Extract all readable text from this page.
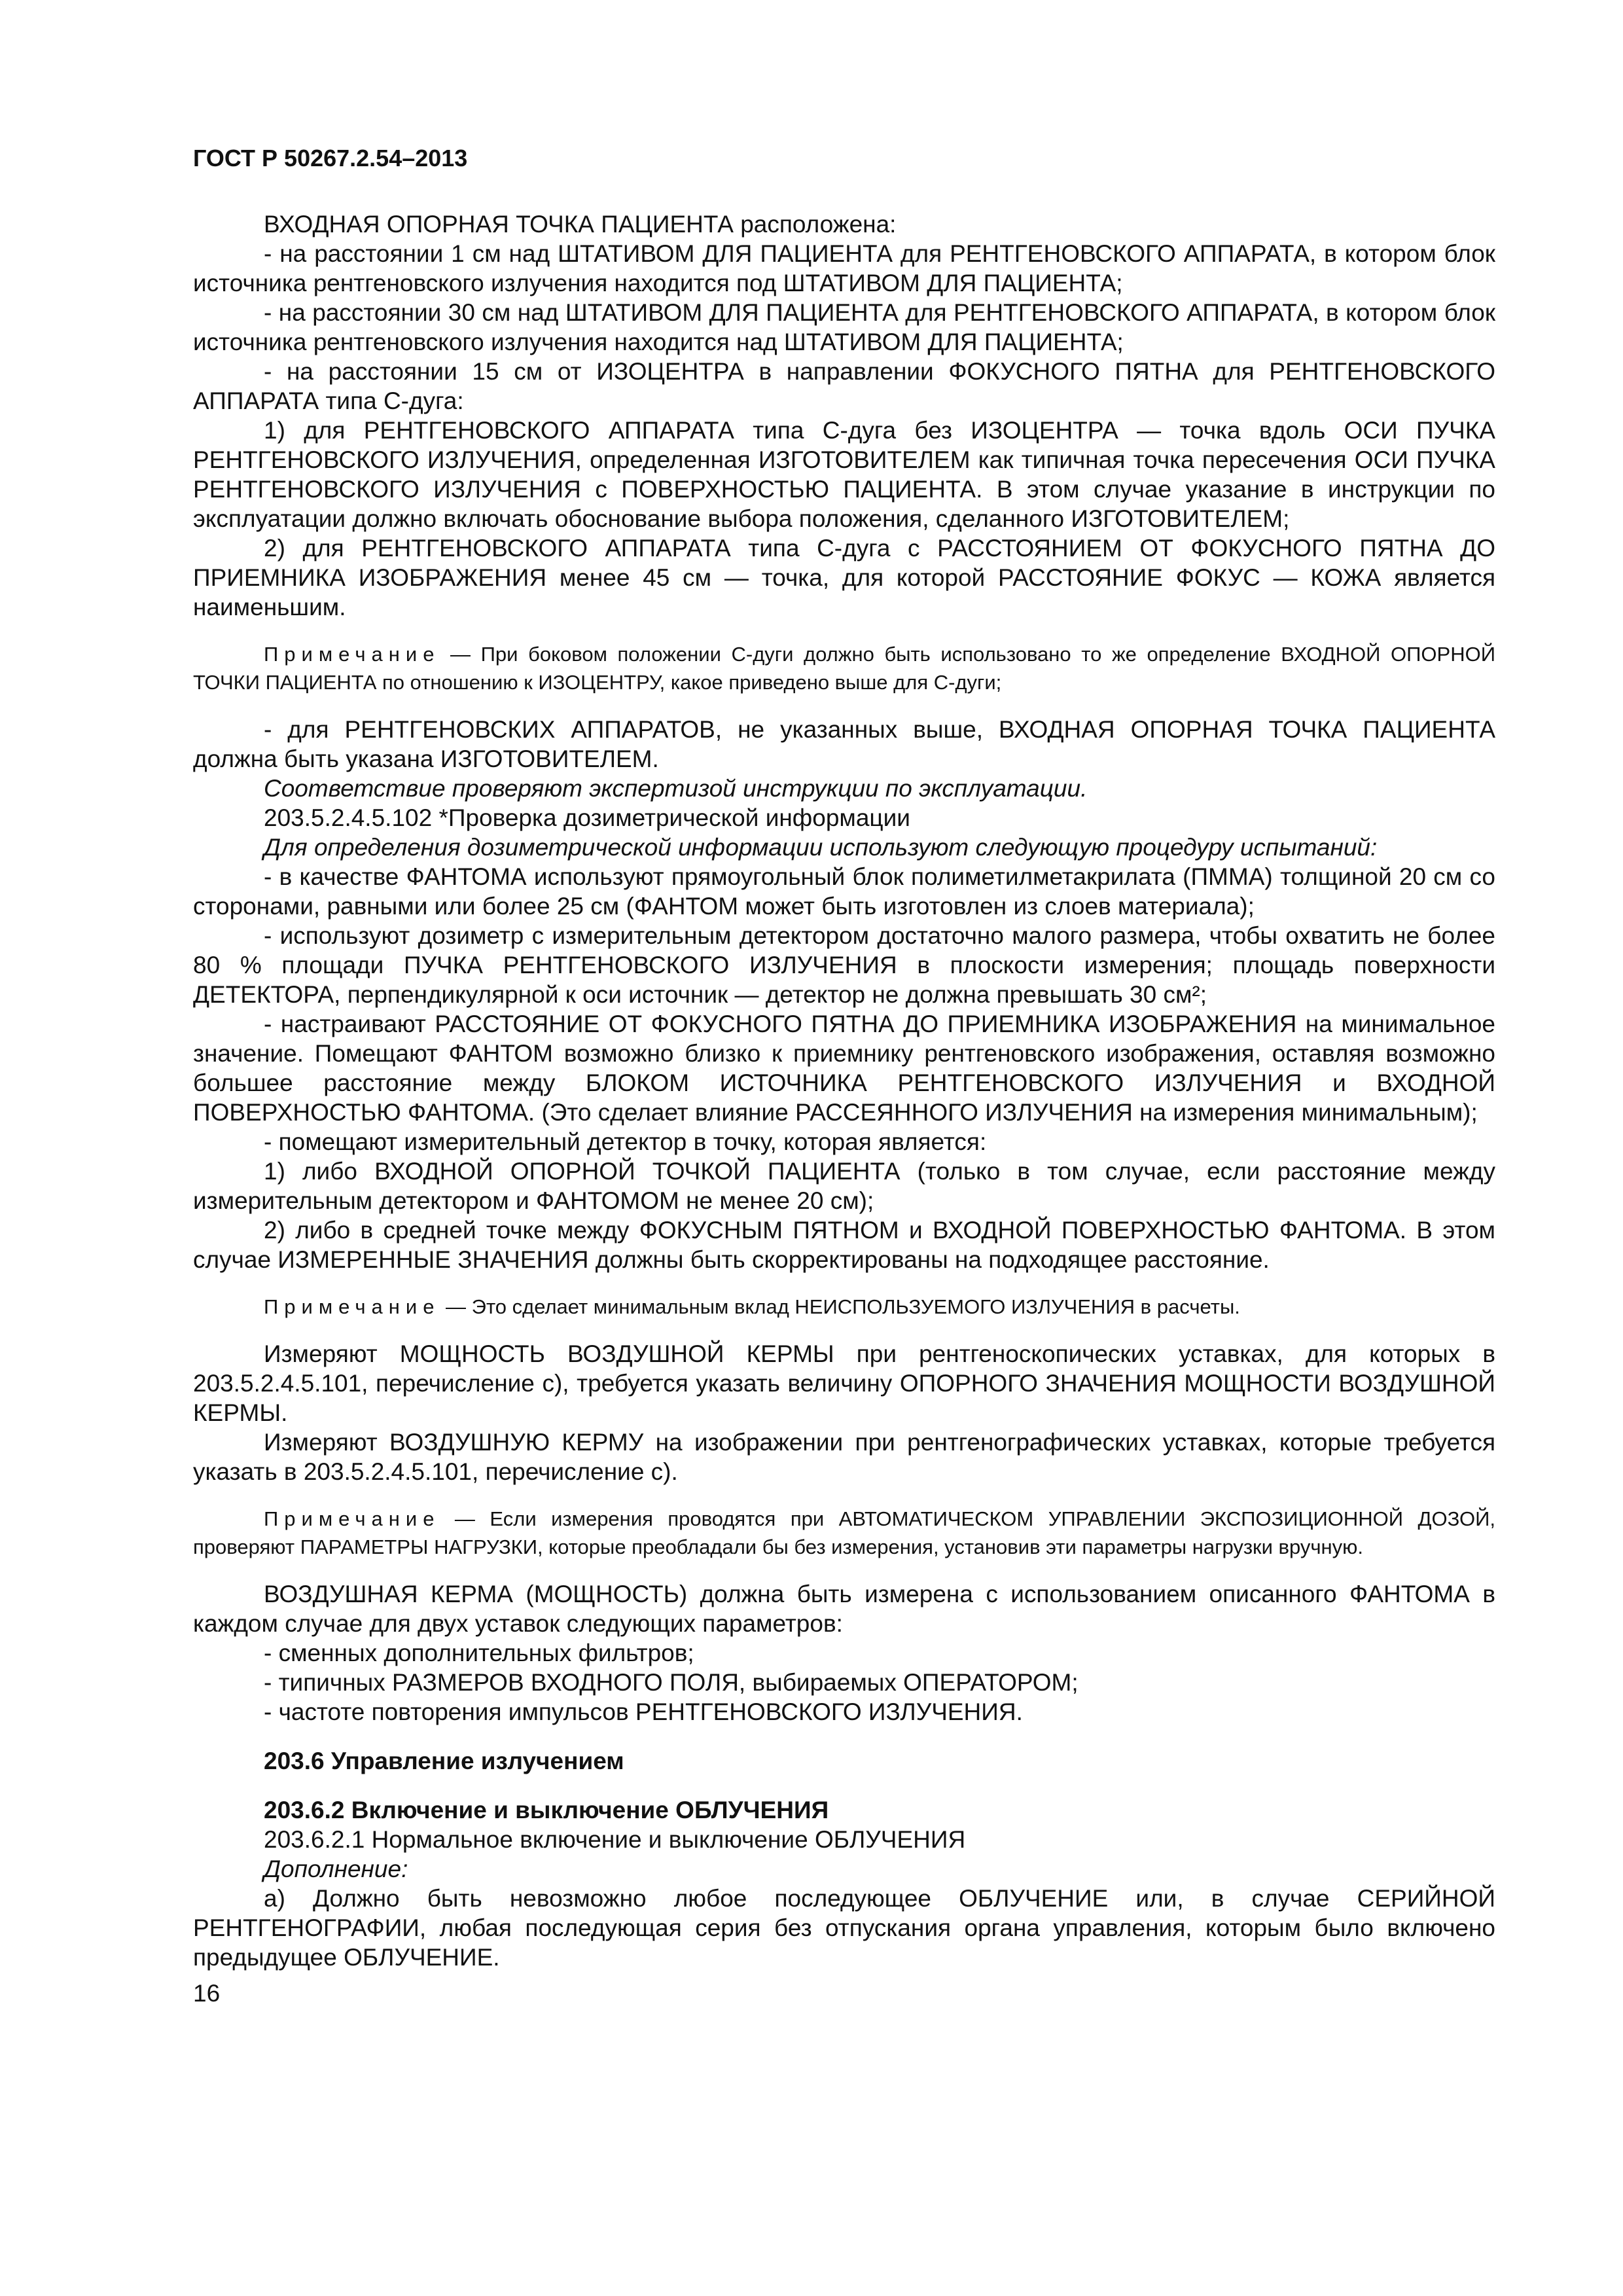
ГОСТ Р 50267.2.54–2013
ВХОДНАЯ ОПОРНАЯ ТОЧКА ПАЦИЕНТА расположена:
- на расстоянии 1 см над ШТАТИВОМ ДЛЯ ПАЦИЕНТА для РЕНТГЕНОВСКОГО АППАРАТА, в котором блок источника рентгеновского излучения находится под ШТАТИВОМ ДЛЯ ПАЦИЕНТА;
- на расстоянии 30 см над ШТАТИВОМ ДЛЯ ПАЦИЕНТА для РЕНТГЕНОВСКОГО АППАРАТА, в котором блок источника рентгеновского излучения находится над ШТАТИВОМ ДЛЯ ПАЦИЕНТА;
- на расстоянии 15 см от ИЗОЦЕНТРА в направлении ФОКУСНОГО ПЯТНА для РЕНТГЕНОВСКОГО АППАРАТА типа С-дуга:
1) для РЕНТГЕНОВСКОГО АППАРАТА типа С-дуга без ИЗОЦЕНТРА — точка вдоль ОСИ ПУЧКА РЕНТГЕНОВСКОГО ИЗЛУЧЕНИЯ, определенная ИЗГОТОВИТЕЛЕМ как типичная точка пересечения ОСИ ПУЧКА РЕНТГЕНОВСКОГО ИЗЛУЧЕНИЯ с ПОВЕРХНОСТЬЮ ПАЦИЕНТА. В этом случае указание в инструкции по эксплуатации должно включать обоснование выбора положения, сделанного ИЗГОТОВИТЕЛЕМ;
2) для РЕНТГЕНОВСКОГО АППАРАТА типа С-дуга с РАССТОЯНИЕМ ОТ ФОКУСНОГО ПЯТНА ДО ПРИЕМНИКА ИЗОБРАЖЕНИЯ менее 45 см — точка, для которой РАССТОЯНИЕ ФОКУС — КОЖА является наименьшим.
Примечание — При боковом положении С-дуги должно быть использовано то же определение ВХОДНОЙ ОПОРНОЙ ТОЧКИ ПАЦИЕНТА по отношению к ИЗОЦЕНТРУ, какое приведено выше для С-дуги;
- для РЕНТГЕНОВСКИХ АППАРАТОВ, не указанных выше, ВХОДНАЯ ОПОРНАЯ ТОЧКА ПАЦИЕНТА должна быть указана ИЗГОТОВИТЕЛЕМ.
Соответствие проверяют экспертизой инструкции по эксплуатации.
203.5.2.4.5.102 *Проверка дозиметрической информации
Для определения дозиметрической информации используют следующую процедуру испытаний:
- в качестве ФАНТОМА используют прямоугольный блок полиметилметакрилата (ПММА) толщиной 20 см со сторонами, равными или более 25 см (ФАНТОМ может быть изготовлен из слоев материала);
- используют дозиметр с измерительным детектором достаточно малого размера, чтобы охватить не более 80 % площади ПУЧКА РЕНТГЕНОВСКОГО ИЗЛУЧЕНИЯ в плоскости измерения; площадь поверхности ДЕТЕКТОРА, перпендикулярной к оси источник — детектор не должна превышать 30 см²;
- настраивают РАССТОЯНИЕ ОТ ФОКУСНОГО ПЯТНА ДО ПРИЕМНИКА ИЗОБРАЖЕНИЯ на минимальное значение. Помещают ФАНТОМ возможно близко к приемнику рентгеновского изображения, оставляя возможно большее расстояние между БЛОКОМ ИСТОЧНИКА РЕНТГЕНОВСКОГО ИЗЛУЧЕНИЯ и ВХОДНОЙ ПОВЕРХНОСТЬЮ ФАНТОМА. (Это сделает влияние РАССЕЯННОГО ИЗЛУЧЕНИЯ на измерения минимальным);
- помещают измерительный детектор в точку, которая является:
1) либо ВХОДНОЙ ОПОРНОЙ ТОЧКОЙ ПАЦИЕНТА (только в том случае, если расстояние между измерительным детектором и ФАНТОМОМ не менее 20 см);
2) либо в средней точке между ФОКУСНЫМ ПЯТНОМ и ВХОДНОЙ ПОВЕРХНОСТЬЮ ФАНТОМА. В этом случае ИЗМЕРЕННЫЕ ЗНАЧЕНИЯ должны быть скорректированы на подходящее расстояние.
Примечание — Это сделает минимальным вклад НЕИСПОЛЬЗУЕМОГО ИЗЛУЧЕНИЯ в расчеты.
Измеряют МОЩНОСТЬ ВОЗДУШНОЙ КЕРМЫ при рентгеноскопических уставках, для которых в 203.5.2.4.5.101, перечисление с), требуется указать величину ОПОРНОГО ЗНАЧЕНИЯ МОЩНОСТИ ВОЗДУШНОЙ КЕРМЫ.
Измеряют ВОЗДУШНУЮ КЕРМУ на изображении при рентгенографических уставках, которые требуется указать в 203.5.2.4.5.101, перечисление с).
Примечание — Если измерения проводятся при АВТОМАТИЧЕСКОМ УПРАВЛЕНИИ ЭКСПОЗИЦИОННОЙ ДОЗОЙ, проверяют ПАРАМЕТРЫ НАГРУЗКИ, которые преобладали бы без измерения, установив эти параметры нагрузки вручную.
ВОЗДУШНАЯ КЕРМА (МОЩНОСТЬ) должна быть измерена с использованием описанного ФАНТОМА в каждом случае для двух уставок следующих параметров:
- сменных дополнительных фильтров;
- типичных РАЗМЕРОВ ВХОДНОГО ПОЛЯ, выбираемых ОПЕРАТОРОМ;
- частоте повторения импульсов РЕНТГЕНОВСКОГО ИЗЛУЧЕНИЯ.
203.6 Управление излучением
203.6.2 Включение и выключение ОБЛУЧЕНИЯ
203.6.2.1 Нормальное включение и выключение ОБЛУЧЕНИЯ
Дополнение:
а) Должно быть невозможно любое последующее ОБЛУЧЕНИЕ или, в случае СЕРИЙНОЙ РЕНТГЕНОГРАФИИ, любая последующая серия без отпускания органа управления, которым было включено предыдущее ОБЛУЧЕНИЕ.
16
